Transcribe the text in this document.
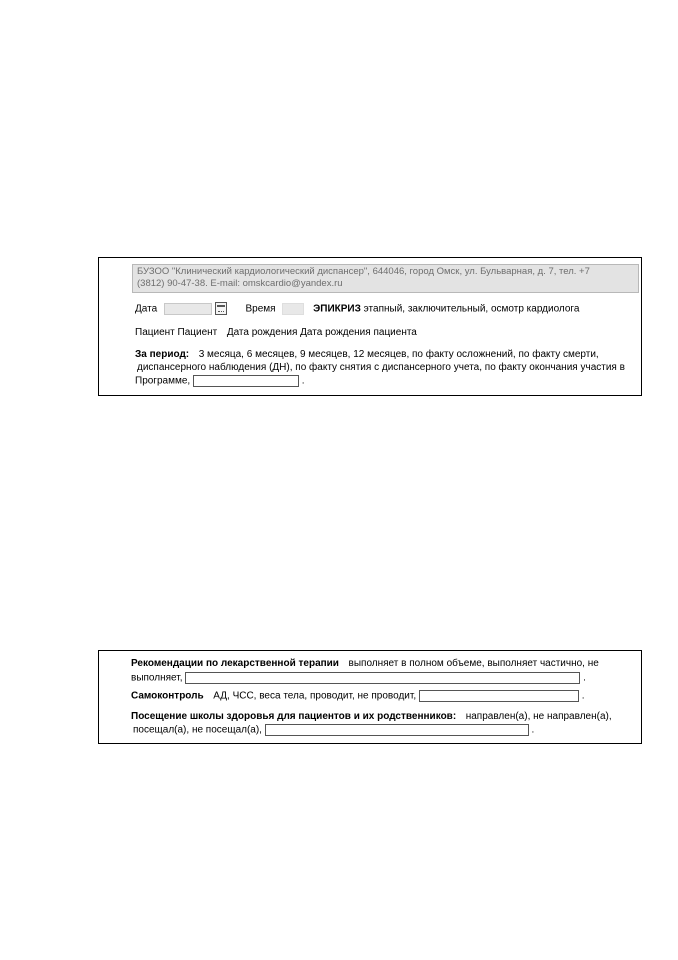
БУЗОО "Клинический кардиологический диспансер", 644046, город Омск, ул. Бульварная, д. 7, тел. +7
(3812) 90-47-38. E-mail: omskcardio@yandex.ru
Дата	Время	ЭПИКРИЗ этапный, заключительный, осмотр кардиолога
Пациент Пациент Дата рождения Дата рождения пациента
За период: 3 месяца, 6 месяцев, 9 месяцев, 12 месяцев, по факту осложнений, по факту смерти,
диспансерного наблюдения (ДН), по факту снятия с диспансерного учета, по факту окончания участия в
Программе,	.
Рекомендации по лекарственной терапии выполняет в полном объеме, выполняет частично, не
выполняет,	.
Самоконтроль АД, ЧСС, веса тела, проводит, не проводит,	.
Посещение школы здоровья для пациентов и их родственников: направлен(а), не направлен(а),
посещал(а), не посещал(а),	.
